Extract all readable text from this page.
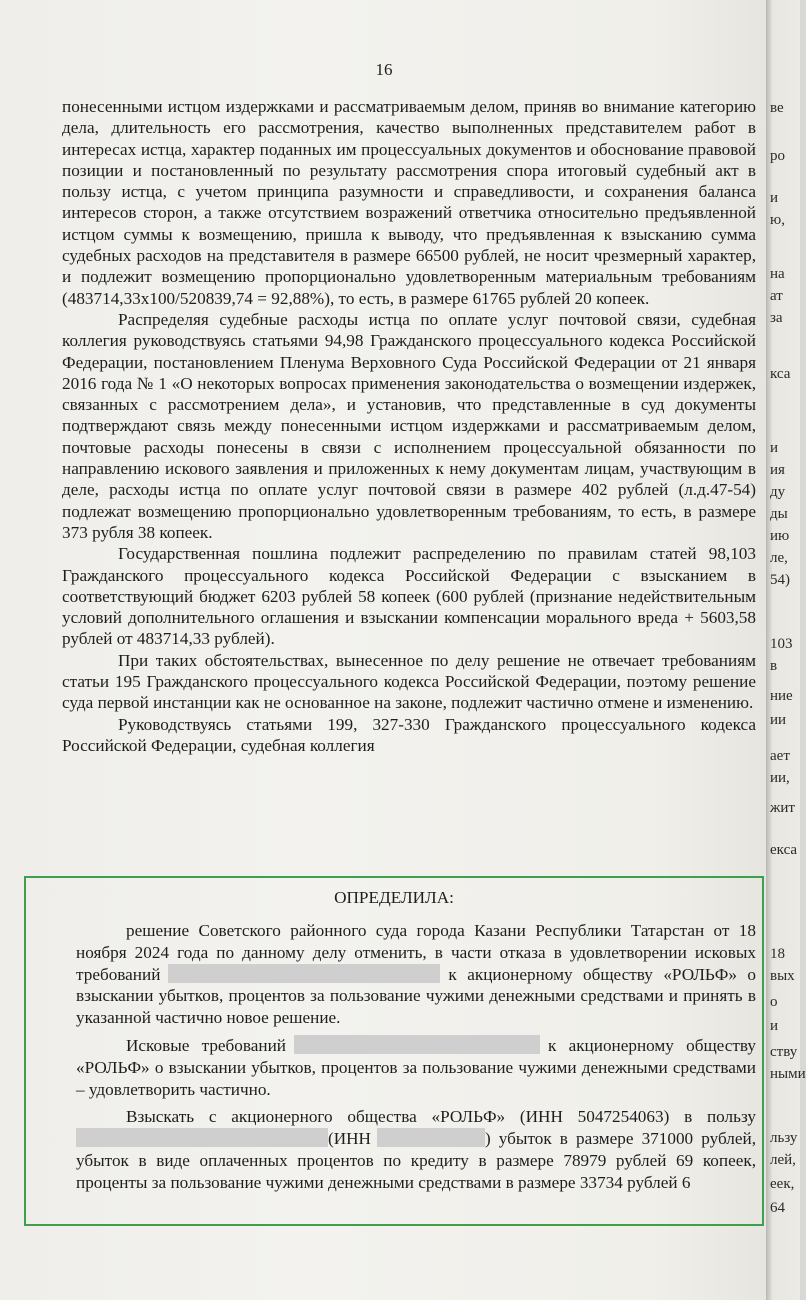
16

понесенными истцом издержками и рассматриваемым делом, приняв во внимание категорию дела, длительность его рассмотрения, качество выполненных представителем работ в интересах истца, характер поданных им процессуальных документов и обоснование правовой позиции и постановленный по результату рассмотрения спора итоговый судебный акт в пользу истца, с учетом принципа разумности и справедливости, и сохранения баланса интересов сторон, а также отсутствием возражений ответчика относительно предъявленной истцом суммы к возмещению, пришла к выводу, что предъявленная к взысканию сумма судебных расходов на представителя в размере 66500 рублей, не носит чрезмерный характер, и подлежит возмещению пропорционально удовлетворенным материальным требованиям (483714,33х100/520839,74 = 92,88%), то есть, в размере 61765 рублей 20 копеек.

Распределяя судебные расходы истца по оплате услуг почтовой связи, судебная коллегия руководствуясь статьями 94,98 Гражданского процессуального кодекса Российской Федерации, постановлением Пленума Верховного Суда Российской Федерации от 21 января 2016 года № 1 «О некоторых вопросах применения законодательства о возмещении издержек, связанных с рассмотрением дела», и установив, что представленные в суд документы подтверждают связь между понесенными истцом издержками и рассматриваемым делом, почтовые расходы понесены в связи с исполнением процессуальной обязанности по направлению искового заявления и приложенных к нему документам лицам, участвующим в деле, расходы истца по оплате услуг почтовой связи в размере 402 рублей (л.д.47-54) подлежат возмещению пропорционально удовлетворенным требованиям, то есть, в размере 373 рубля 38 копеек.

Государственная пошлина подлежит распределению по правилам статей 98,103 Гражданского процессуального кодекса Российской Федерации с взысканием в соответствующий бюджет 6203 рублей 58 копеек (600 рублей (признание недействительным условий дополнительного оглашения и взыскании компенсации морального вреда + 5603,58 рублей от 483714,33 рублей).

При таких обстоятельствах, вынесенное по делу решение не отвечает требованиям статьи 195 Гражданского процессуального кодекса Российской Федерации, поэтому решение суда первой инстанции как не основанное на законе, подлежит частично отмене и изменению.

Руководствуясь статьями 199, 327-330 Гражданского процессуального кодекса Российской Федерации, судебная коллегия

ОПРЕДЕЛИЛА:

решение Советского районного суда города Казани Республики Татарстан от 18 ноября 2024 года по данному делу отменить, в части отказа в удовлетворении исковых требований	к акционерному обществу «РОЛЬФ» о взыскании убытков, процентов за пользование чужими денежными средствами и принять в указанной частично новое решение.

Исковые требований	к акционерному обществу «РОЛЬФ» о взыскании убытков, процентов за пользование чужими денежными средствами – удовлетворить частично.

Взыскать с акционерного общества «РОЛЬФ» (ИНН 5047254063) в пользу (ИНН	) убыток в размере 371000 рублей, убыток в виде оплаченных процентов по кредиту в размере 78979 рублей 69 копеек, проценты за пользование чужими денежными средствами в размере 33734 рублей 6

ве
ро
и
ю,
на
ат
за
кса
и
ия
ду
ды
ию
ле,
54)
103
в
ние
ии
ает
ии,
жит
екса
18
вых
о
и
ству
ными
льзу
лей,
еек,
64
